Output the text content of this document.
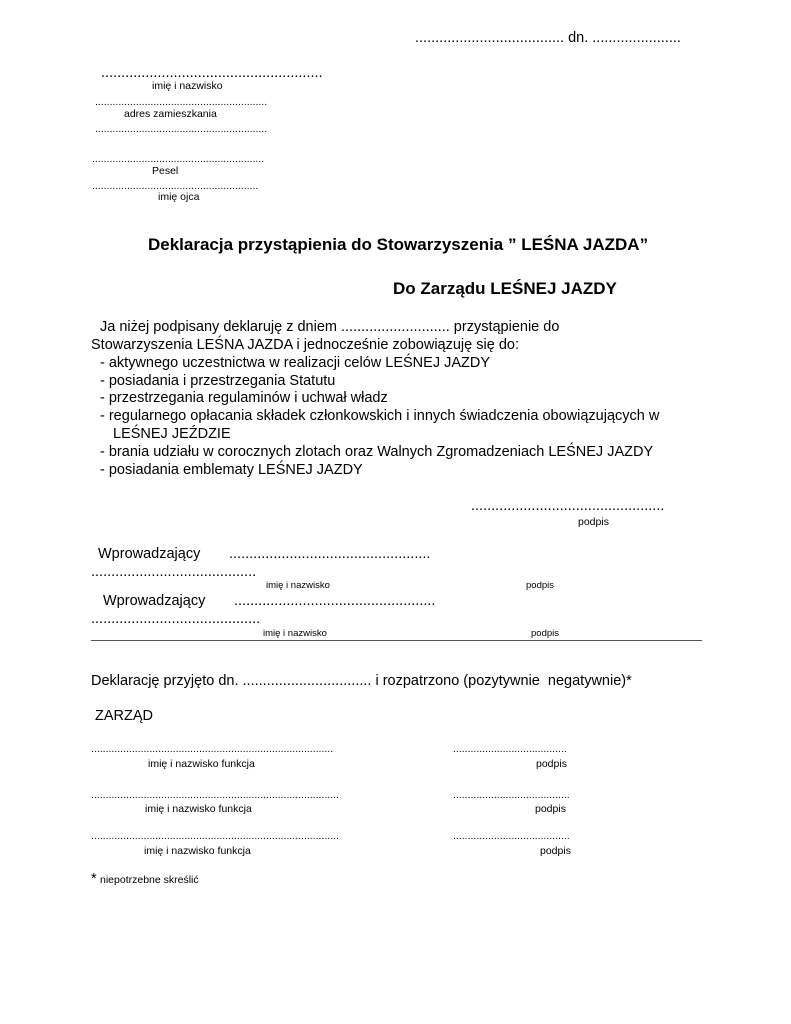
..................................... dn. ......................
.......................................................
imię i nazwisko
...........................................................
adres zamieszkania
...........................................................
...........................................................
Pesel
.........................................................
imię ojca
Deklaracja przystąpienia do Stowarzyszenia ” LEŚNA JAZDA”
Do Zarządu LEŚNEJ JAZDY
Ja niżej podpisany deklaruję z dniem ........................... przystąpienie do
Stowarzyszenia LEŚNA JAZDA i jednocześnie zobowiązuję się do:
- aktywnego uczestnictwa w realizacji celów LEŚNEJ JAZDY
- posiadania i przestrzegania Statutu
- przestrzegania regulaminów i uchwał władz
- regularnego opłacania składek członkowskich i innych świadczenia obowiązujących w
LEŚNEJ JEŹDZIE
- brania udziału w corocznych zlotach oraz Walnych Zgromadzeniach LEŚNEJ JAZDY
- posiadania emblematy LEŚNEJ JAZDY
................................................
podpis
Wprowadzający ..................................................
.........................................
imię i nazwisko	podpis
Wprowadzający ..................................................
..........................................
imię i nazwisko	podpis
Deklarację przyjęto dn. ................................ i rozpatrzono (pozytywnie  negatywnie)*
ZARZĄD
...................................................................................	.......................................
imię i nazwisko funkcja	podpis
.....................................................................................	........................................
imię i nazwisko funkcja	podpis
.....................................................................................	........................................
imię i nazwisko funkcja	podpis
* niepotrzebne skreślić
